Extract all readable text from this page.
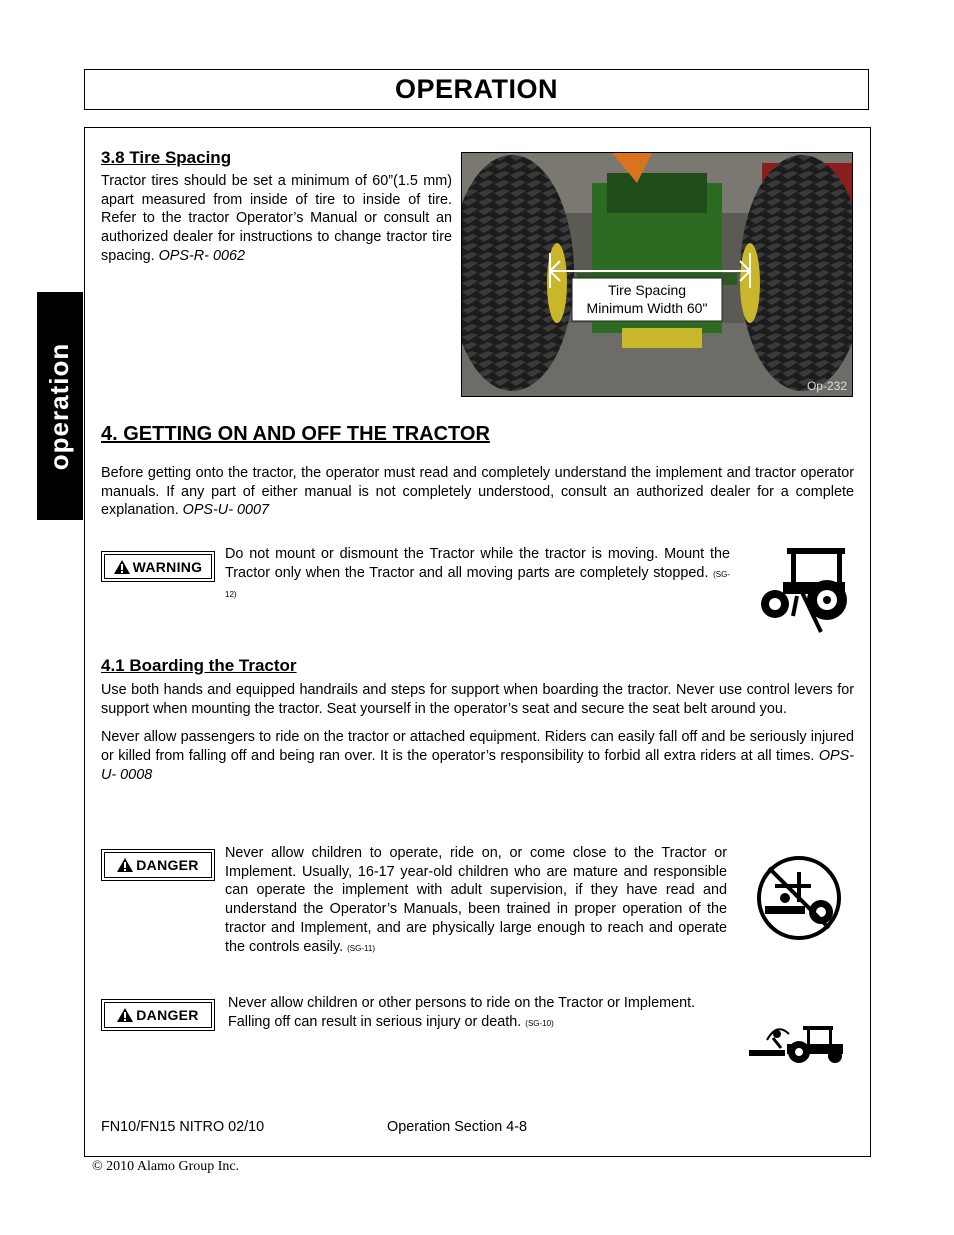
OPERATION
operation
3.8 Tire Spacing

Tractor tires should be set a minimum of 60”(1.5 mm) apart measured from inside of tire to inside of tire. Refer to the tractor Operator’s Manual or consult an authorized dealer for instructions to change tractor tire spacing. OPS-R- 0062

Tire Spacing
Minimum Width 60"
Op-232
4. GETTING ON AND OFF THE TRACTOR

Before getting onto the tractor, the operator must read and completely understand the implement and tractor operator manuals. If any part of either manual is not completely understood, consult an authorized dealer for a complete explanation. OPS-U- 0007

WARNING

Do not mount or dismount the Tractor while the tractor is moving. Mount the Tractor only when the Tractor and all moving parts are completely stopped. (SG-12)

4.1 Boarding the Tractor

Use both hands and equipped handrails and steps for support when boarding the tractor. Never use control levers for support when mounting the tractor. Seat yourself in the operator’s seat and secure the seat belt around you.

Never allow passengers to ride on the tractor or attached equipment. Riders can easily fall off and be seriously injured or killed from falling off and being ran over. It is the operator’s responsibility to forbid all extra riders at all times. OPS-U- 0008

DANGER

Never allow children to operate, ride on, or come close to the Tractor or Implement. Usually, 16-17 year-old children who are mature and responsible can operate the implement with adult supervision, if they have read and understand the Operator’s Manuals, been trained in proper operation of the tractor and Implement, and are physically large enough to reach and operate the controls easily. (SG-11)

DANGER

Never allow children or other persons to ride on the Tractor or Implement. Falling off can result in serious injury or death. (SG-10)

FN10/FN15 NITRO 02/10	Operation Section 4-8
© 2010 Alamo Group Inc.
